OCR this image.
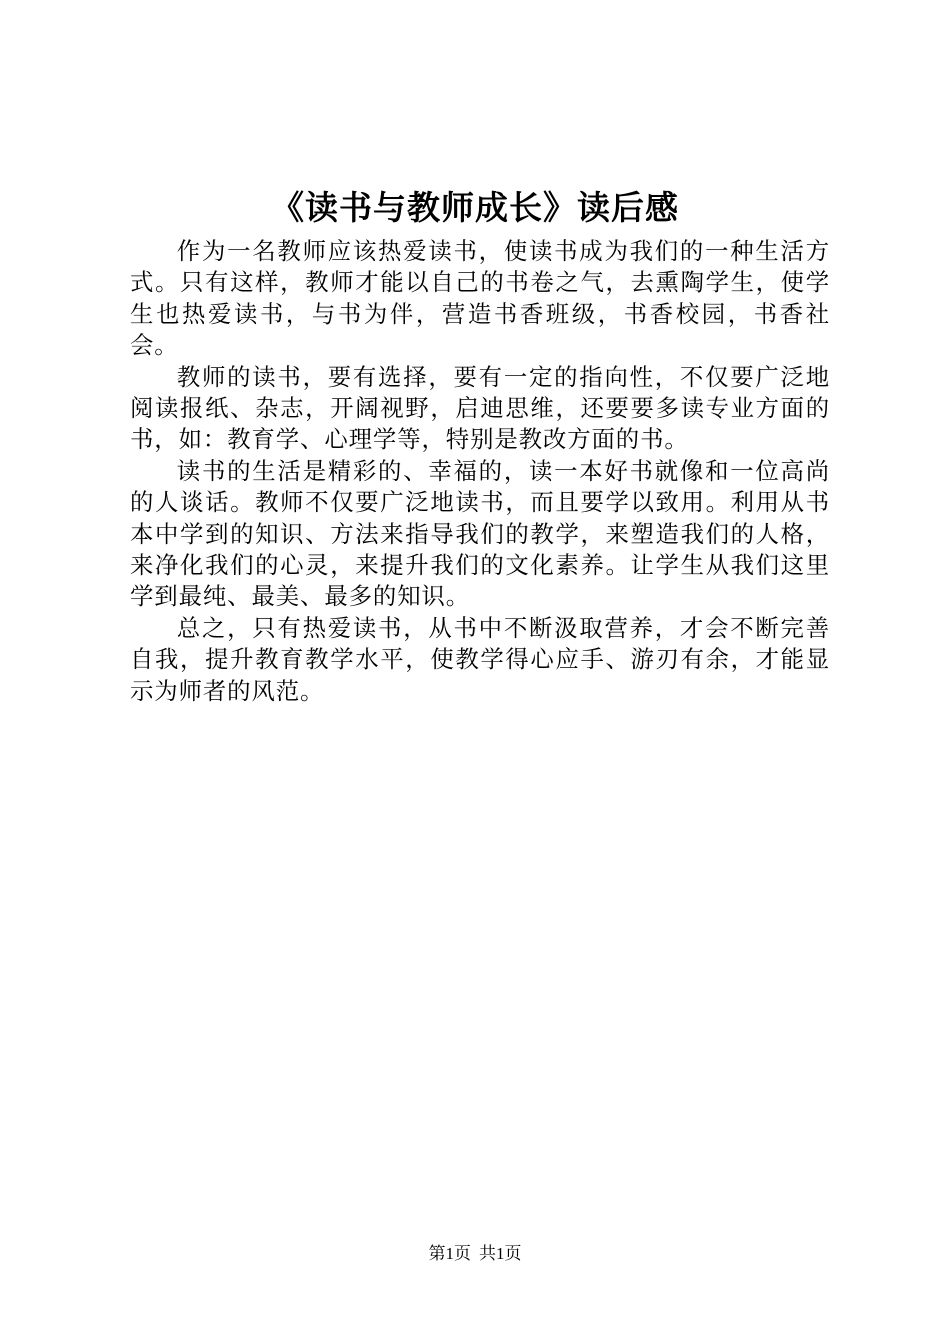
《读书与教师成长》读后感

作为一名教师应该热爱读书，使读书成为我们的一种生活方式。只有这样，教师才能以自己的书卷之气，去熏陶学生，使学生也热爱读书，与书为伴，营造书香班级，书香校园，书香社会。

教师的读书，要有选择，要有一定的指向性，不仅要广泛地阅读报纸、杂志，开阔视野，启迪思维，还要要多读专业方面的书，如：教育学、心理学等，特别是教改方面的书。

读书的生活是精彩的、幸福的，读一本好书就像和一位高尚的人谈话。教师不仅要广泛地读书，而且要学以致用。利用从书本中学到的知识、方法来指导我们的教学，来塑造我们的人格，来净化我们的心灵，来提升我们的文化素养。让学生从我们这里学到最纯、最美、最多的知识。

总之，只有热爱读书，从书中不断汲取营养，才会不断完善自我，提升教育教学水平，使教学得心应手、游刃有余，才能显示为师者的风范。

第1页 共1页
